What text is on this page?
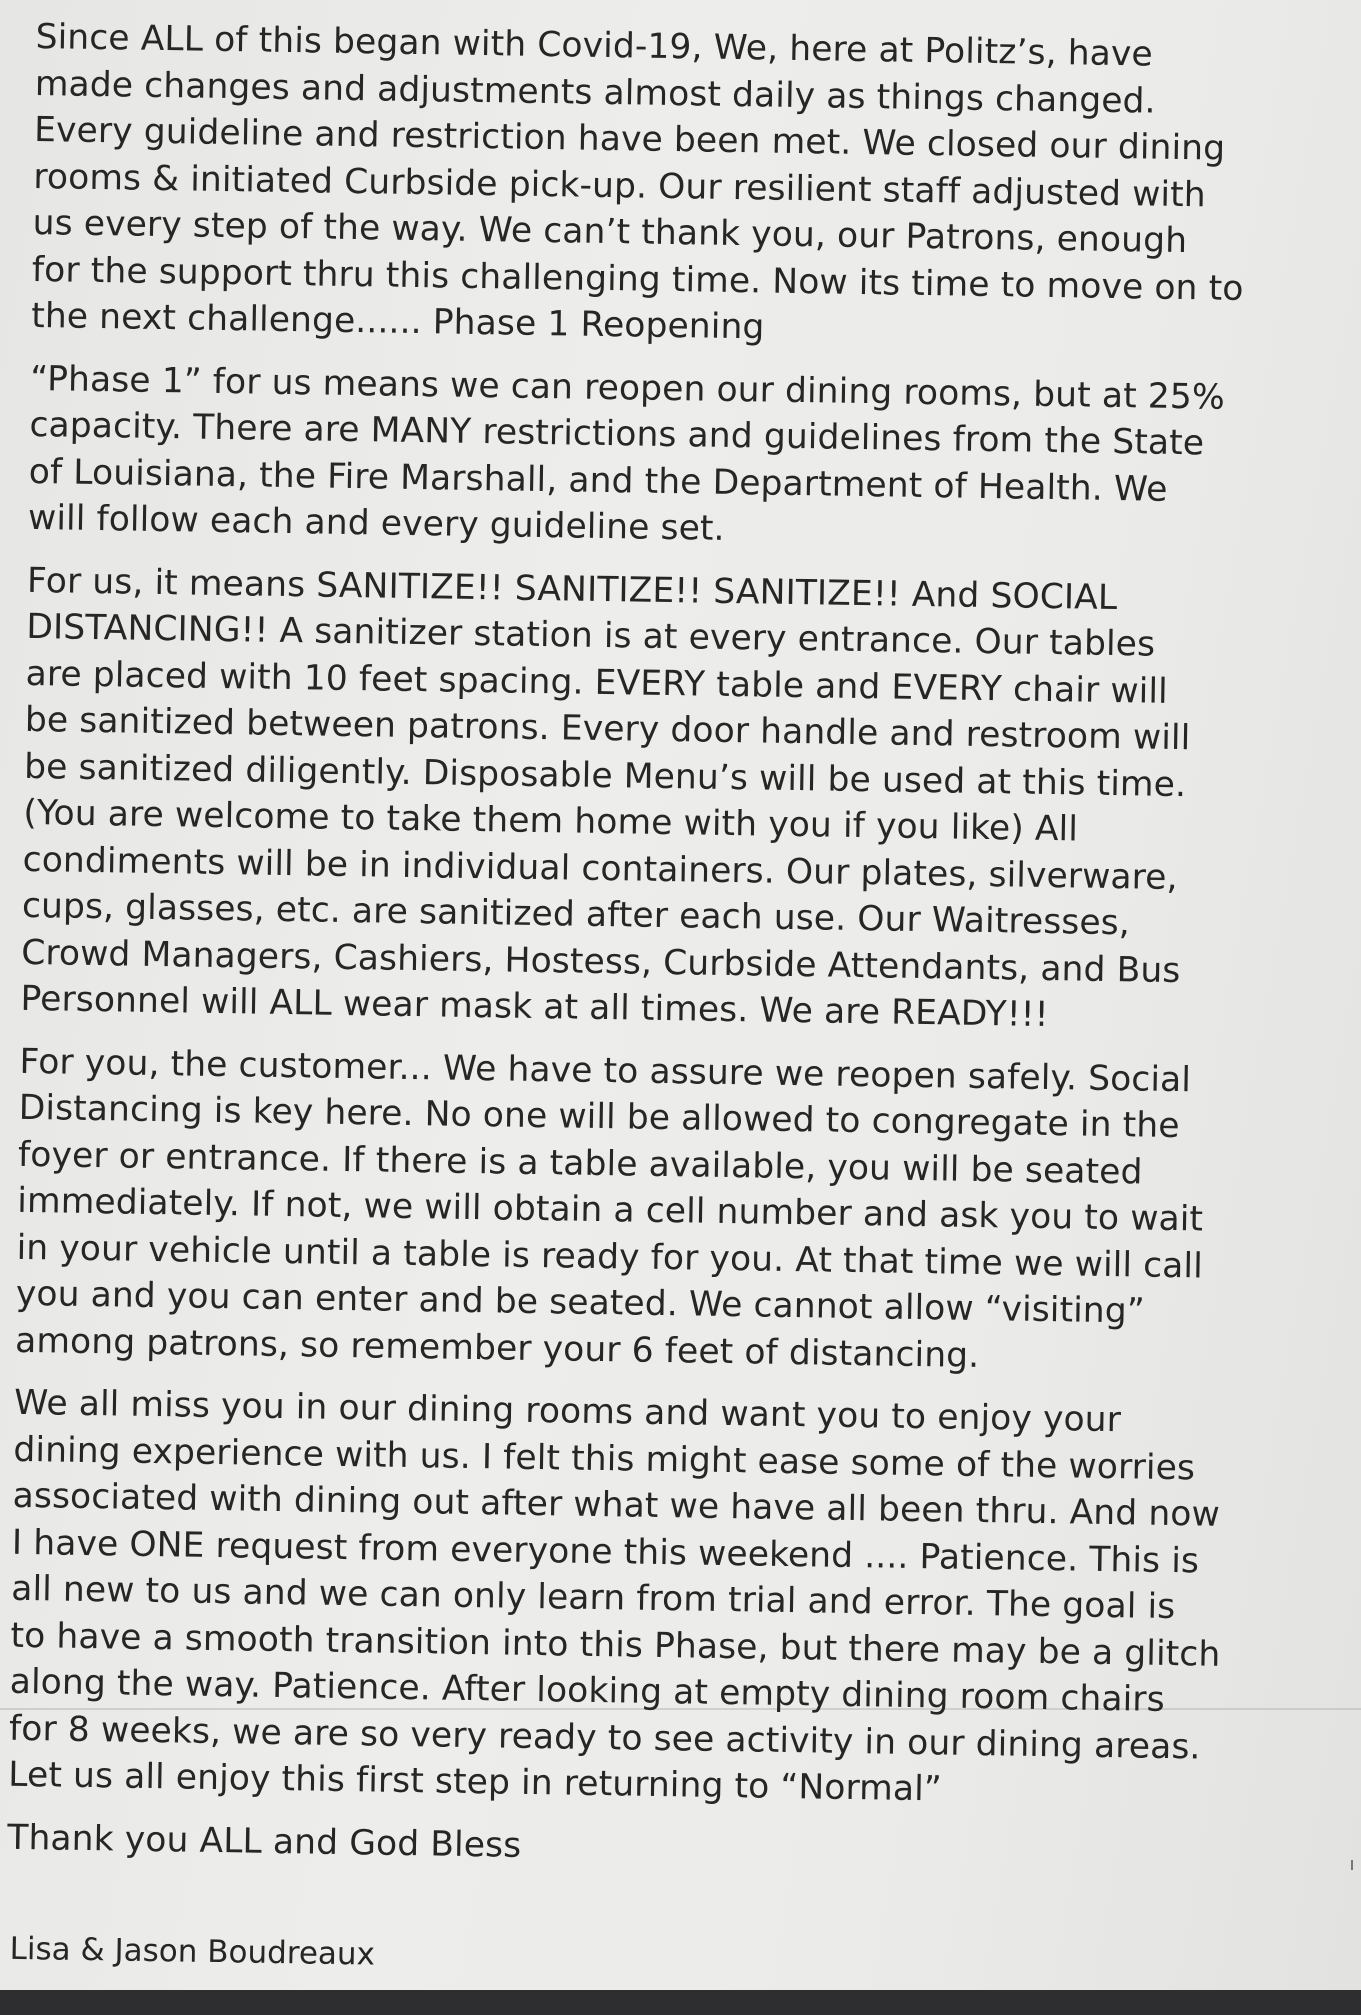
Since ALL of this began with Covid-19, We, here at Politz’s, have
made changes and adjustments almost daily as things changed.
Every guideline and restriction have been met. We closed our dining
rooms & initiated Curbside pick-up. Our resilient staff adjusted with
us every step of the way. We can’t thank you, our Patrons, enough
for the support thru this challenging time. Now its time to move on to
the next challenge...... Phase 1 Reopening

“Phase 1” for us means we can reopen our dining rooms, but at 25%
capacity. There are MANY restrictions and guidelines from the State
of Louisiana, the Fire Marshall, and the Department of Health. We
will follow each and every guideline set.

For us, it means SANITIZE!! SANITIZE!! SANITIZE!! And SOCIAL
DISTANCING!! A sanitizer station is at every entrance. Our tables
are placed with 10 feet spacing. EVERY table and EVERY chair will
be sanitized between patrons. Every door handle and restroom will
be sanitized diligently. Disposable Menu’s will be used at this time.
(You are welcome to take them home with you if you like) All
condiments will be in individual containers. Our plates, silverware,
cups, glasses, etc. are sanitized after each use. Our Waitresses,
Crowd Managers, Cashiers, Hostess, Curbside Attendants, and Bus
Personnel will ALL wear mask at all times. We are READY!!!

For you, the customer... We have to assure we reopen safely. Social
Distancing is key here. No one will be allowed to congregate in the
foyer or entrance. If there is a table available, you will be seated
immediately. If not, we will obtain a cell number and ask you to wait
in your vehicle until a table is ready for you. At that time we will call
you and you can enter and be seated. We cannot allow “visiting”
among patrons, so remember your 6 feet of distancing.

We all miss you in our dining rooms and want you to enjoy your
dining experience with us. I felt this might ease some of the worries
associated with dining out after what we have all been thru. And now
I have ONE request from everyone this weekend .... Patience. This is
all new to us and we can only learn from trial and error. The goal is
to have a smooth transition into this Phase, but there may be a glitch
along the way. Patience. After looking at empty dining room chairs
for 8 weeks, we are so very ready to see activity in our dining areas.
Let us all enjoy this first step in returning to “Normal”

Thank you ALL and God Bless

Lisa & Jason Boudreaux
